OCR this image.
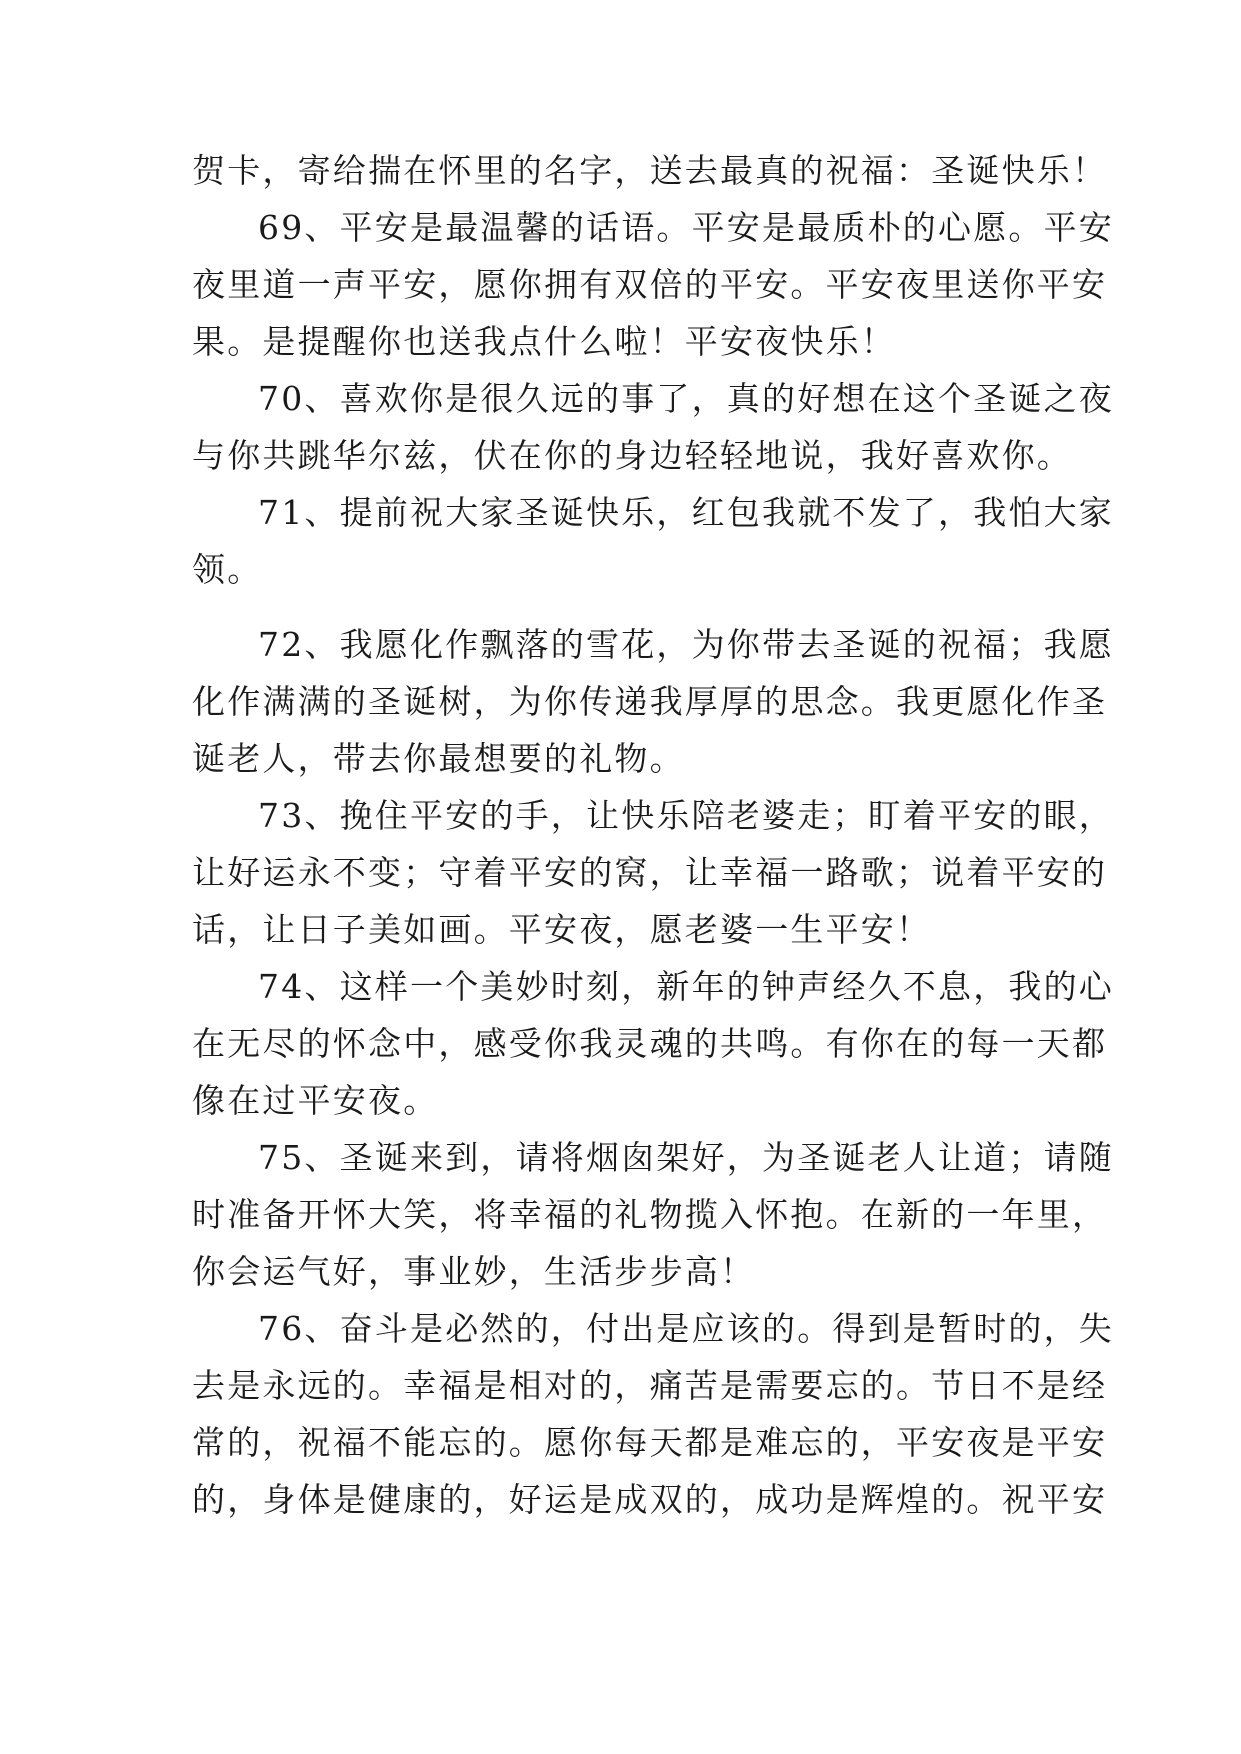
贺卡，寄给揣在怀里的名字，送去最真的祝福：圣诞快乐！
69、平安是最温馨的话语。平安是最质朴的心愿。平安
夜里道一声平安，愿你拥有双倍的平安。平安夜里送你平安
果。是提醒你也送我点什么啦！平安夜快乐！
70、喜欢你是很久远的事了，真的好想在这个圣诞之夜
与你共跳华尔兹，伏在你的身边轻轻地说，我好喜欢你。
71、提前祝大家圣诞快乐，红包我就不发了，我怕大家
领。
72、我愿化作飘落的雪花，为你带去圣诞的祝福；我愿
化作满满的圣诞树，为你传递我厚厚的思念。我更愿化作圣
诞老人，带去你最想要的礼物。
73、挽住平安的手，让快乐陪老婆走；盯着平安的眼，
让好运永不变；守着平安的窝，让幸福一路歌；说着平安的
话，让日子美如画。平安夜，愿老婆一生平安！
74、这样一个美妙时刻，新年的钟声经久不息，我的心
在无尽的怀念中，感受你我灵魂的共鸣。有你在的每一天都
像在过平安夜。
75、圣诞来到，请将烟囱架好，为圣诞老人让道；请随
时准备开怀大笑，将幸福的礼物揽入怀抱。在新的一年里，
你会运气好，事业妙，生活步步高！
76、奋斗是必然的，付出是应该的。得到是暂时的，失
去是永远的。幸福是相对的，痛苦是需要忘的。节日不是经
常的，祝福不能忘的。愿你每天都是难忘的，平安夜是平安
的，身体是健康的，好运是成双的，成功是辉煌的。祝平安
